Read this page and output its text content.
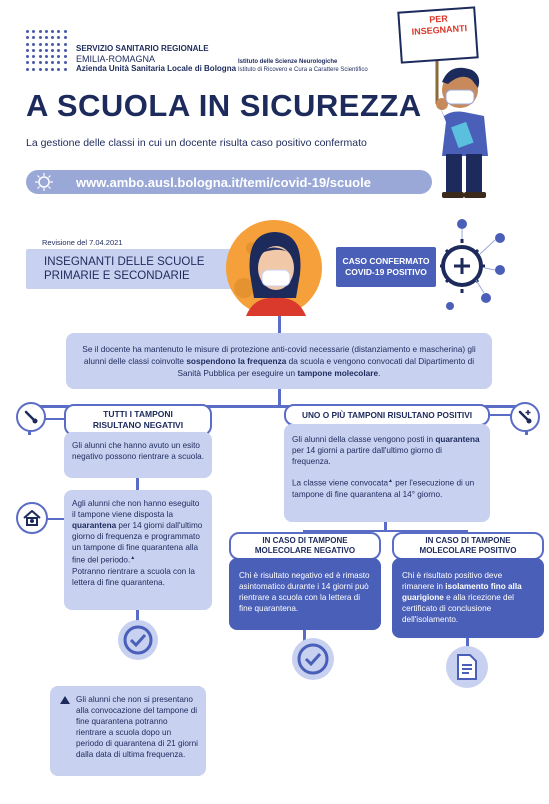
SERVIZIO SANITARIO REGIONALE
EMILIA-ROMAGNA
Azienda Unità Sanitaria Locale di Bologna
Istituto delle Scienze Neurologiche
Istituto di Ricovero e Cura a Carattere Scientifico
PER
INSEGNANTI
A SCUOLA IN SICUREZZA
La gestione delle classi in cui un docente risulta caso positivo confermato
www.ambo.ausl.bologna.it/temi/covid-19/scuole
Revisione del 7.04.2021
INSEGNANTI DELLE SCUOLE
PRIMARIE E SECONDARIE
CASO CONFERMATO
COVID-19 POSITIVO
Se il docente ha mantenuto le misure di protezione anti-covid necessarie (distanziamento e mascherina) gli alunni delle classi coinvolte sospendono la frequenza da scuola e vengono convocati dal Dipartimento di Sanità Pubblica per eseguire un tampone molecolare.
TUTTI I TAMPONI
RISULTANO NEGATIVI
Gli alunni che hanno avuto un esito negativo possono rientrare a scuola.
Agli alunni che non hanno eseguito il tampone viene disposta la quarantena per 14 giorni dall'ultimo giorno di frequenza e programmato un tampone di fine quarantena alla fine del periodo.▲
Potranno rientrare a scuola con la lettera di fine quarantena.
UNO O PIÙ TAMPONI RISULTANO POSITIVI
Gli alunni della classe vengono posti in quarantena per 14 giorni a partire dall'ultimo giorno di frequenza.
La classe viene convocata▲ per l'esecuzione di un tampone di fine quarantena al 14° giorno.
IN CASO DI TAMPONE
MOLECOLARE NEGATIVO
Chi è risultato negativo ed è rimasto asintomatico durante i 14 giorni può rientrare a scuola con la lettera di fine quarantena.
IN CASO DI TAMPONE
MOLECOLARE POSITIVO
Chi è risultato positivo deve rimanere in isolamento fino alla guarigione e alla ricezione del certificato di conclusione dell'isolamento.
Gli alunni che non si presentano alla convocazione del tampone di fine quarantena potranno rientrare a scuola dopo un periodo di quarantena di 21 giorni dalla data di ultima frequenza.
